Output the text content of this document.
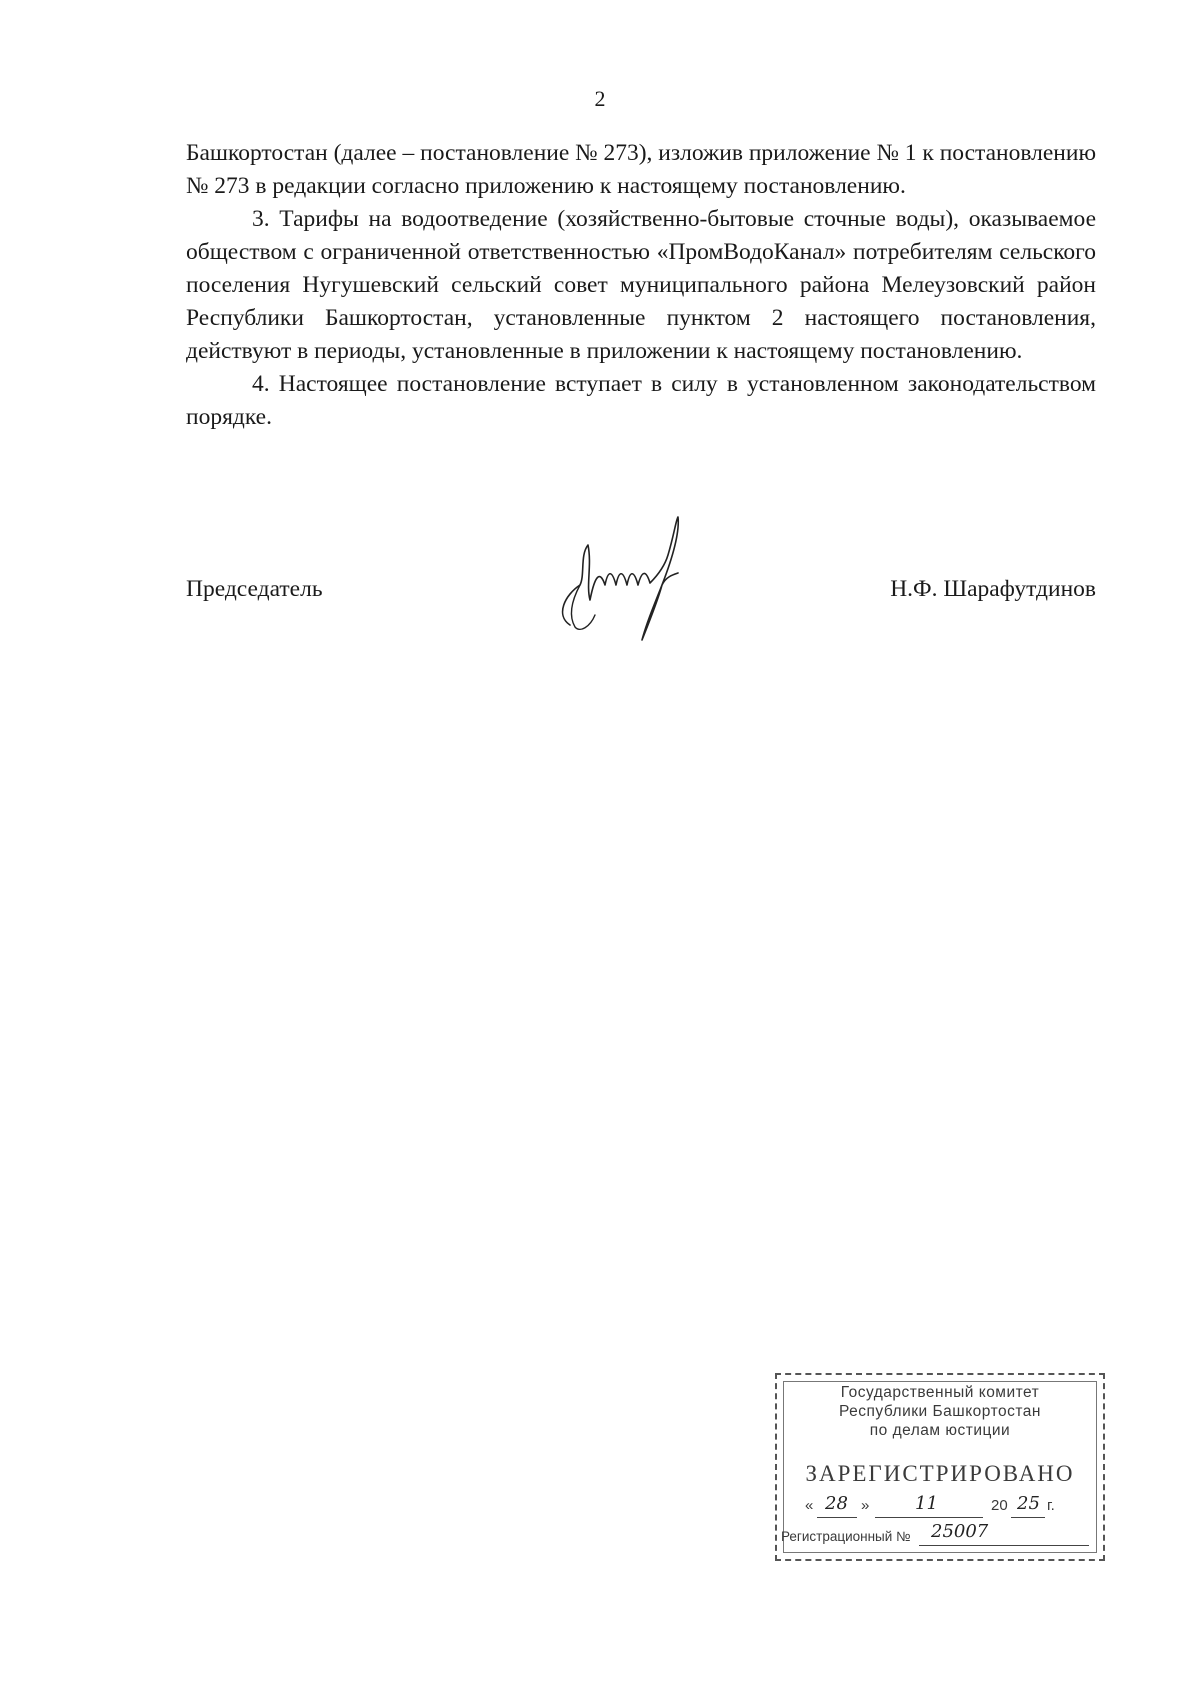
2

Башкортостан (далее – постановление № 273), изложив приложение № 1 к постановлению № 273 в редакции согласно приложению к настоящему постановлению.

3. Тарифы на водоотведение (хозяйственно-бытовые сточные воды), оказываемое обществом с ограниченной ответственностью «ПромВодоКанал» потребителям сельского поселения Нугушевский сельский совет муниципального района Мелеузовский район Республики Башкортостан, установленные пунктом 2 настоящего постановления, действуют в периоды, установленные в приложении к настоящему постановлению.

4. Настоящее постановление вступает в силу в установленном законодательством порядке.

Председатель	Н.Ф. Шарафутдинов
Государственный комитет
Республики Башкортостан
по делам юстиции
ЗАРЕГИСТРИРОВАНО
« 28 »	11	20 25 г.
Регистрационный № 25007
